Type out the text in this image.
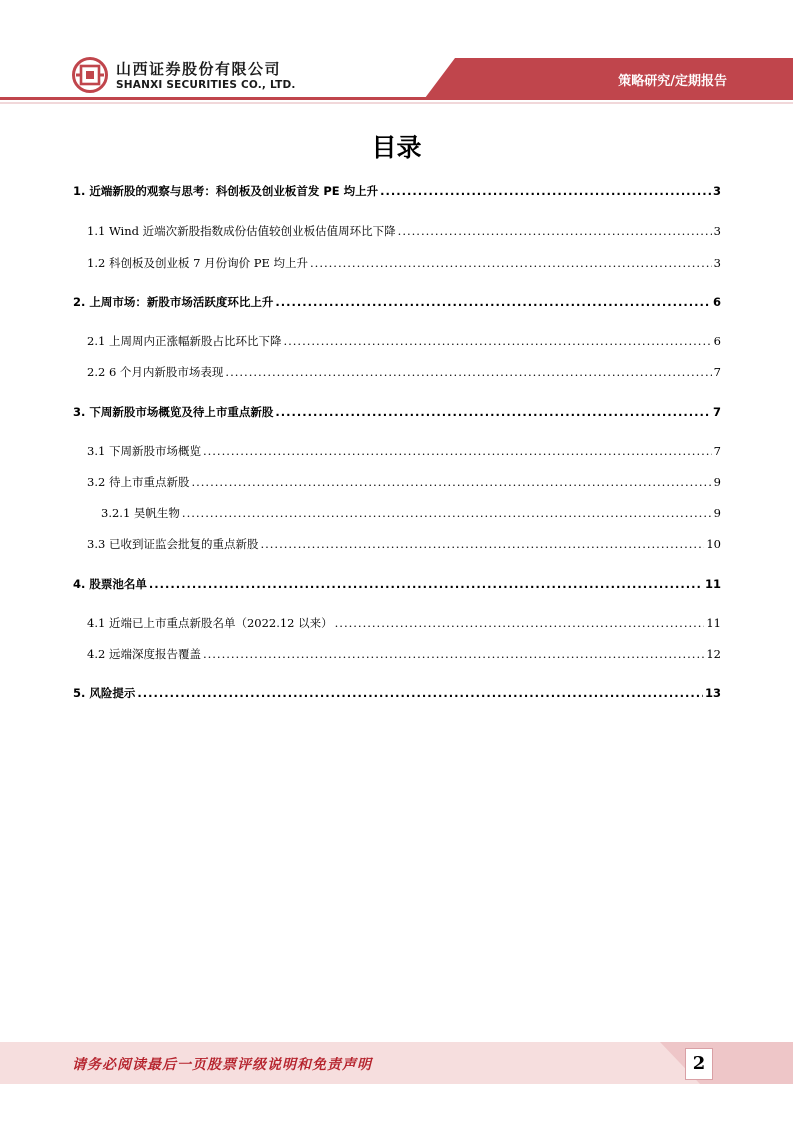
山西证券股份有限公司
SHANXI SECURITIES CO., LTD.	策略研究/定期报告
目录
1. 近端新股的观察与思考：科创板及创业板首发 PE 均上升 .....	3
1.1 Wind 近端次新股指数成份估值较创业板估值周环比下降 .....	3
1.2 科创板及创业板 7 月份询价 PE 均上升 .....	3
2. 上周市场：新股市场活跃度环比上升 .....	6
2.1 上周周内正涨幅新股占比环比下降 .....	6
2.2 6 个月内新股市场表现 .....	7
3. 下周新股市场概览及待上市重点新股 .....	7
3.1 下周新股市场概览 .....	7
3.2 待上市重点新股 .....	9
3.2.1 昊帆生物 .....	9
3.3 已收到证监会批复的重点新股 .....	10
4. 股票池名单 .....	11
4.1 近端已上市重点新股名单（2022.12 以来） .....	11
4.2 远端深度报告覆盖 .....	12
5. 风险提示 .....	13
请务必阅读最后一页股票评级说明和免责声明	2
